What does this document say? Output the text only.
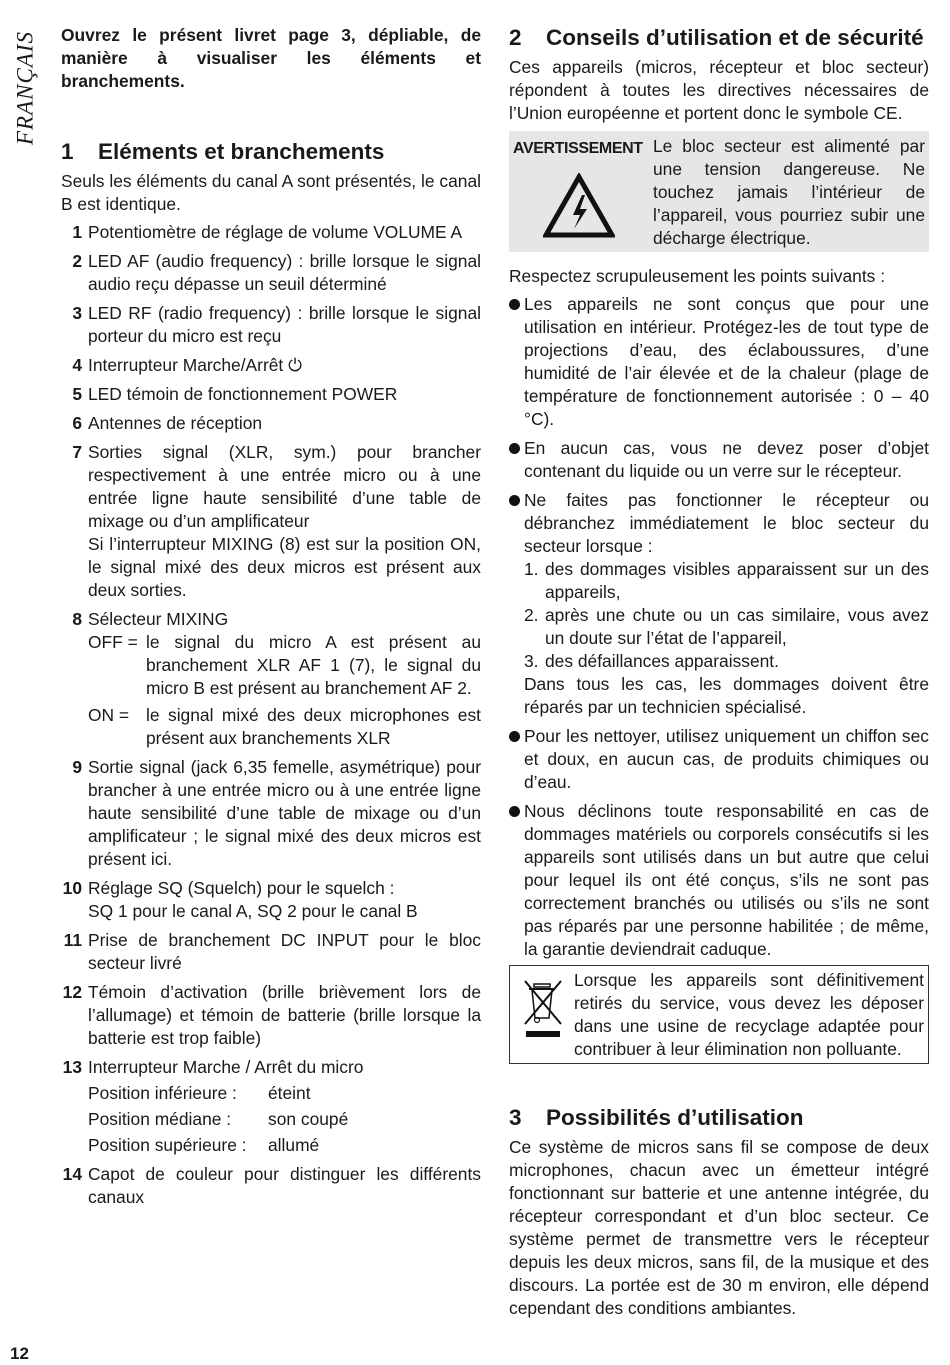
FRANÇAIS
12

Ouvrez le présent livret page 3, dépliable, de manière à visualiser les éléments et branchements.

1 Eléments et branchements

Seuls les éléments du canal A sont présentés, le canal B est identique.

1 Potentiomètre de réglage de volume VOLUME A
2 LED AF (audio frequency) : brille lorsque le signal audio reçu dépasse un seuil déterminé
3 LED RF (radio frequency) : brille lorsque le signal porteur du micro est reçu
4 Interrupteur Marche/Arrêt ⏻
5 LED témoin de fonctionnement POWER
6 Antennes de réception
7 Sorties signal (XLR, sym.) pour brancher respectivement à une entrée micro ou à une entrée ligne haute sensibilité d’une table de mixage ou d’un amplificateur
Si l’interrupteur MIXING (8) est sur la position ON, le signal mixé des deux micros est présent aux deux sorties.
8 Sélecteur MIXING
OFF = le signal du micro A est présent au branchement XLR AF 1 (7), le signal du micro B est présent au branchement AF 2.
ON = le signal mixé des deux microphones est présent aux branchements XLR
9 Sortie signal (jack 6,35 femelle, asymétrique) pour brancher à une entrée micro ou à une entrée ligne haute sensibilité d’une table de mixage ou d’un amplificateur ; le signal mixé des deux micros est présent ici.
10 Réglage SQ (Squelch) pour le squelch :
SQ 1 pour le canal A, SQ 2 pour le canal B
11 Prise de branchement DC INPUT pour le bloc secteur livré
12 Témoin d’activation (brille brièvement lors de l’allumage) et témoin de batterie (brille lorsque la batterie est trop faible)
13 Interrupteur Marche / Arrêt du micro
Position inférieure :	éteint
Position médiane :	son coupé
Position supérieure :	allumé
14 Capot de couleur pour distinguer les différents canaux
2 Conseils d’utilisation et de sécurité

Ces appareils (micros, récepteur et bloc secteur) répondent à toutes les directives nécessaires de l’Union européenne et portent donc le symbole CE.

AVERTISSEMENT Le bloc secteur est alimenté par une tension dangereuse. Ne touchez jamais l’intérieur de l’appareil, vous pourriez subir une décharge électrique.

Respectez scrupuleusement les points suivants :

Les appareils ne sont conçus que pour une utilisation en intérieur. Protégez-les de tout type de projections d’eau, des éclaboussures, d’une humidité de l’air élevée et de la chaleur (plage de température de fonctionnement autorisée : 0 – 40 °C).
En aucun cas, vous ne devez poser d’objet contenant du liquide ou un verre sur le récepteur.
Ne faites pas fonctionner le récepteur ou débranchez immédiatement le bloc secteur du secteur lorsque :
1. des dommages visibles apparaissent sur un des appareils,
2. après une chute ou un cas similaire, vous avez un doute sur l’état de l’appareil,
3. des défaillances apparaissent.
Dans tous les cas, les dommages doivent être réparés par un technicien spécialisé.
Pour les nettoyer, utilisez uniquement un chiffon sec et doux, en aucun cas, de produits chimiques ou d’eau.
Nous déclinons toute responsabilité en cas de dommages matériels ou corporels consécutifs si les appareils sont utilisés dans un but autre que celui pour lequel ils ont été conçus, s’ils ne sont pas correctement branchés ou utilisés ou s’ils ne sont pas réparés par une personne habilitée ; de même, la garantie deviendrait caduque.
Lorsque les appareils sont définitivement retirés du service, vous devez les déposer dans une usine de recyclage adaptée pour contribuer à leur élimination non polluante.
3 Possibilités d’utilisation

Ce système de micros sans fil se compose de deux microphones, chacun avec un émetteur intégré fonctionnant sur batterie et une antenne intégrée, du récepteur correspondant et d’un bloc secteur. Ce système permet de transmettre vers le récepteur depuis les deux micros, sans fil, de la musique et des discours. La portée est de 30 m environ, elle dépend cependant des conditions ambiantes.
